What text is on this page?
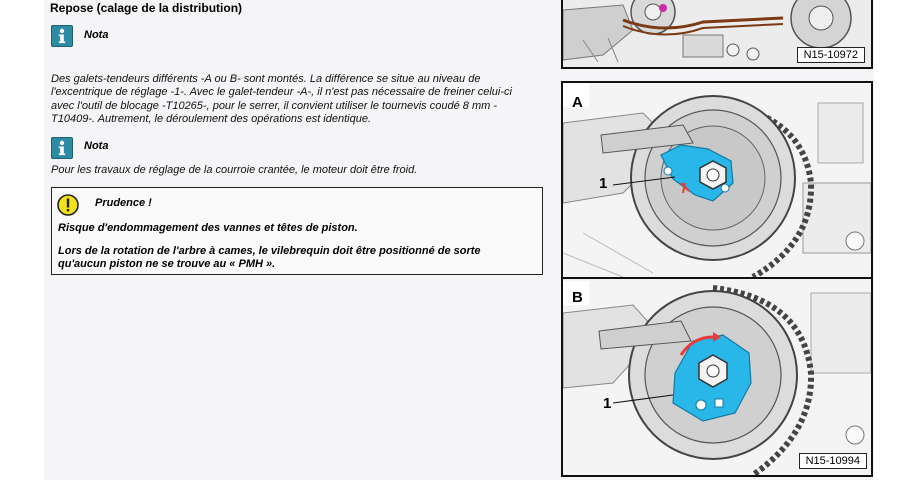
Repose (calage de la distribution)
Nota
Des galets-tendeurs différents -A ou B- sont montés. La différence se situe au niveau de
l'excentrique de réglage -1-. Avec le galet-tendeur -A-, il n'est pas nécessaire de freiner celui-ci
avec l'outil de blocage -T10265-, pour le serrer, il convient utiliser le tournevis coudé 8 mm -
T10409-. Autrement, le déroulement des opérations est identique.
Nota
Pour les travaux de réglage de la courroie crantée, le moteur doit être froid.
Prudence !
Risque d'endommagement des vannes et têtes de piston.
Lors de la rotation de l'arbre à cames, le vilebrequin doit être positionné de sorte
qu'aucun piston ne se trouve au « PMH ».
N15-10972
A
1
B
1
N15-10994
